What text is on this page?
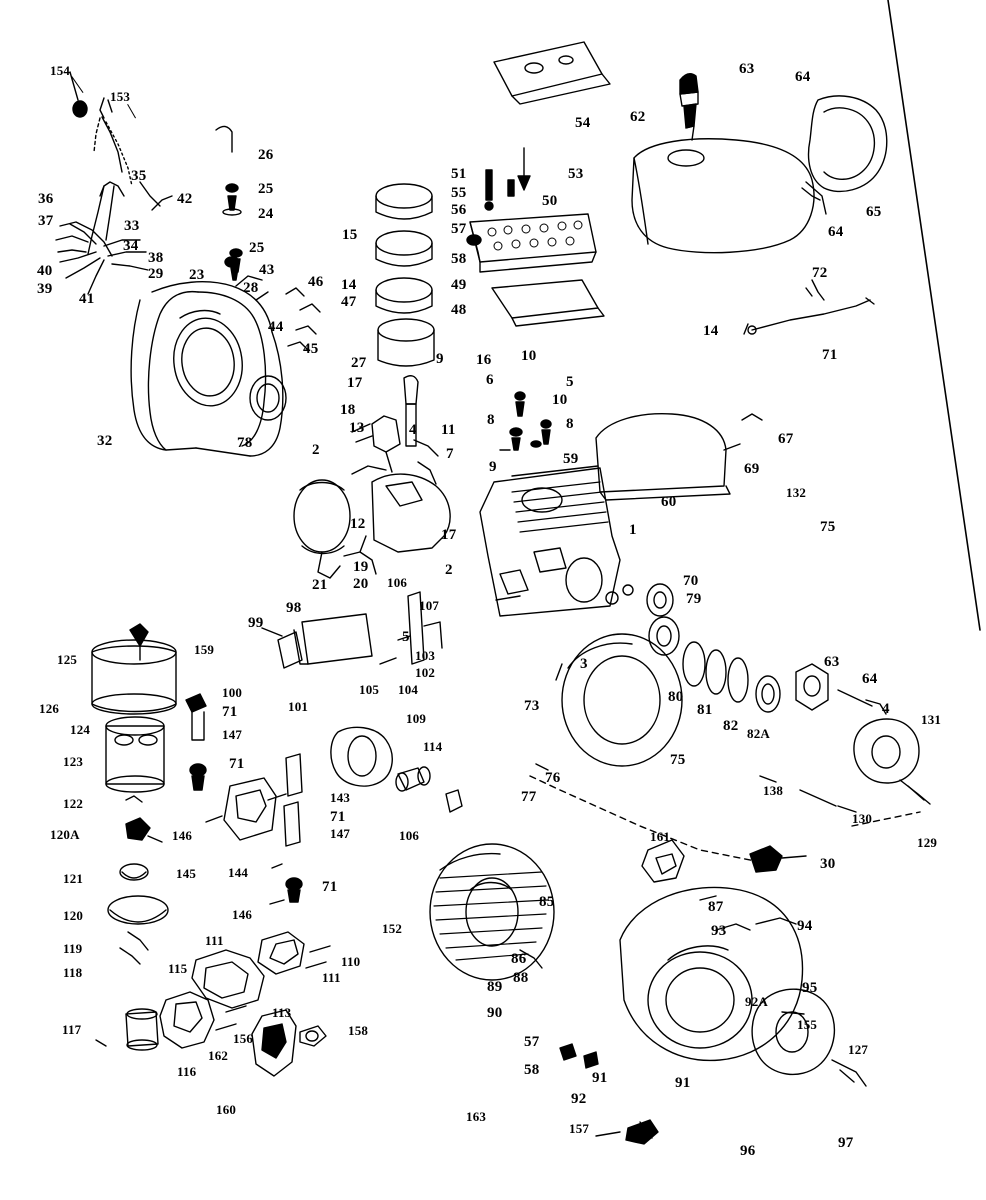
154
153
63	64
62
54
26
35	51	53
65
64
55	50
25
42
36
56
24
33
37	57
15
34
38	58
25
23
29
40
39
41
49
43
28	46 14
72
48
47
44
45
14
71
16 10
27	9
17	6	5
18
10
13	4
8	8
67
32	78	2
11
7	59
69
9
132
12
17	1
60
75
19
20
21
2
106	70
79
107
98
99
5
3
103
102
159
125	63
64
105 104	80
126
100
81
82 82A
4
131
124
71
147
109
101	73
123	71
114
75
122	143
71
147	106
76
77	138
130
129
120A	146
145 144
121
161
30
120	146
71
87
93	94
85
119
118
111
110
111
152
86
115
89
88
90
92A
95
155
117
113
156
158
162
57	127
116	58	91	91
92
160	163
96	97
157
